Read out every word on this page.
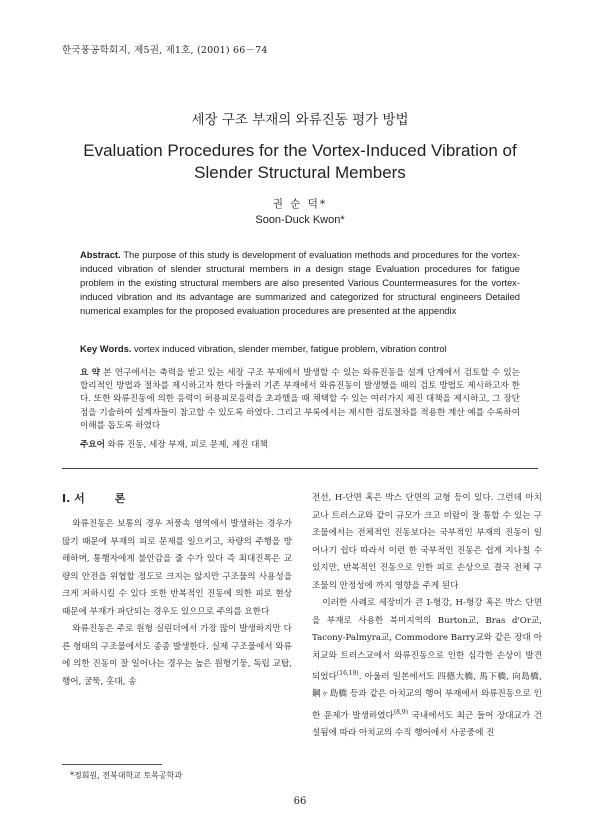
한국풍공학회지, 제5권, 제1호, (2001) 66－74
세장 구조 부재의 와류진동 평가 방법
Evaluation Procedures for the Vortex-Induced Vibration of Slender Structural Members
권 순 덕*
Soon-Duck Kwon*
Abstract. The purpose of this study is development of evaluation methods and procedures for the vortex-induced vibration of slender structural members in a design stage Evaluation procedures for fatigue problem in the existing structural members are also presented Various Countermeasures for the vortex-induced vibration and its advantage are summarized and categorized for structural engineers Detailed numerical examples for the proposed evaluation procedures are presented at the appendix
Key Words. vortex induced vibration, slender member, fatigue problem, vibration control
요 약 본 연구에서는 축력을 받고 있는 세장 구조 부재에서 발생할 수 있는 와류진동을 설계 단계에서 검토할 수 있는 합리적인 방법과 절차를 제시하고자 한다 아울러 기존 부재에서 와류진동이 발생했을 때의 검토 방법도 제시하고자 한다. 또한 와류진동에 의한 응력이 허용피로응력을 초과했을 때 채택할 수 있는 여러가지 제진 대책을 제시하고, 그 장단점을 기술하여 설계자들이 참고할 수 있도록 하였다. 그리고 부록에서는 제시한 검토절차를 적용한 계산 예를 수록하여 이해를 돕도록 하였다
주요어 와류 진동, 세장 부재, 피로 문제, 제진 대책
I. 서	론

와류진동은 보통의 경우 저풍속 영역에서 발생하는 경우가 많기 때문에 부재의 피로 문제를 일으키고, 차량의 주행을 방해하며, 통행자에게 불안감을 줄 수가 있다 즉 최대진폭은 교량의 안전을 위협할 정도로 크지는 않지만 구조물의 사용성을 크게 저하시킬 수 있다 또한 반복적인 진동에 의한 피로 현상 때문에 부재가 파단되는 경우도 있으므로 주의를 요한다

와류진동은 주로 원형 실린더에서 가장 많이 발생하지만 다른 형태의 구조물에서도 종종 발생한다. 실제 구조물에서 와류에 의한 진동이 잘 일어나는 경우는 높은 원형기둥, 독립 교탑, 행어, 굴뚝, 홋대, 송

전선, H-단면 혹은 박스 단면의 교형 등이 있다. 그런데 아치교나 트러스교와 같이 규모가 크고 비람이 잘 통할 수 있는 구조물에서는 전체적인 진동보다는 국부적인 부재의 진동이 일어나기 쉽다 따라서 이런 한 국부적인 진동은 쉽게 지나칠 수 있지만, 반복적인 진동으로 인한 피로 손상으로 결국 전체 구조물의 안정성에 까지 영향을 주게 된다

이러한 사례로 세장비가 큰 I-형강, H-형강 혹은 박스 단면을 부재로 사용한 북미지역의 Burton교, Bras d'Or교, Tacony-Palmyra교, Commodore Barry교와 같은 장대 아치교와 트러스교에서 와류진동으로 인한 심각한 손상이 발견되었다$^{(16,19)}$. 아울러 일본에서도 四德大橋, 馬下橋, 向島橋, 鋼ヶ島橋 등과 같은 아치교의 행어 부재에서 와류진동으로 인한 문제가 발생하였다$^{(8,9)}$ 국내에서도 최근 들어 장대교가 건설됨에 따라 아치교의 수직 행어에서 사공중에 진

*정회원, 전북대학교 토목공학과
66
